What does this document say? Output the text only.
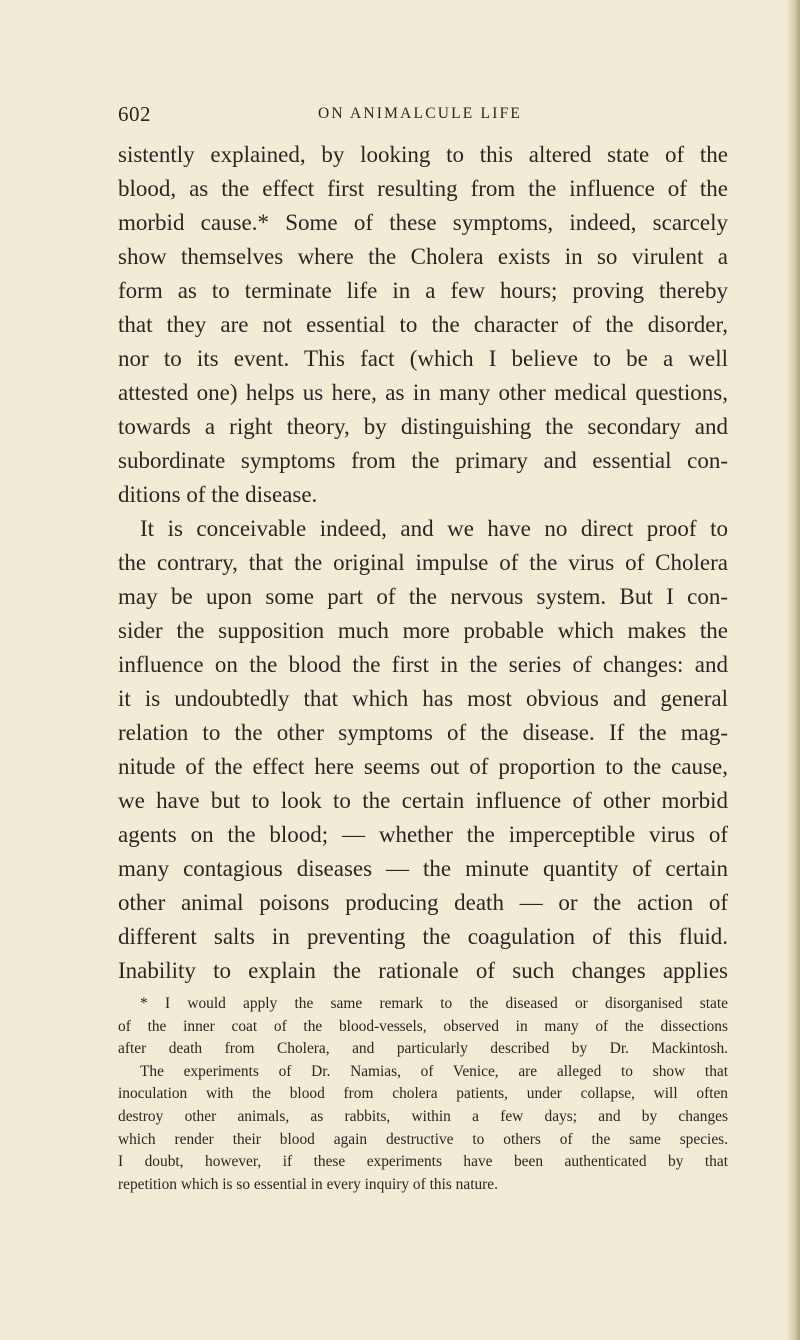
602	ON ANIMALCULE LIFE
sistently explained, by looking to this altered state of the
blood, as the effect first resulting from the influence of the
morbid cause.* Some of these symptoms, indeed, scarcely
show themselves where the Cholera exists in so virulent a
form as to terminate life in a few hours; proving thereby
that they are not essential to the character of the disorder,
nor to its event. This fact (which I believe to be a well
attested one) helps us here, as in many other medical questions,
towards a right theory, by distinguishing the secondary and
subordinate symptoms from the primary and essential con-
ditions of the disease.
It is conceivable indeed, and we have no direct proof to
the contrary, that the original impulse of the virus of Cholera
may be upon some part of the nervous system. But I con-
sider the supposition much more probable which makes the
influence on the blood the first in the series of changes: and
it is undoubtedly that which has most obvious and general
relation to the other symptoms of the disease. If the mag-
nitude of the effect here seems out of proportion to the cause,
we have but to look to the certain influence of other morbid
agents on the blood; — whether the imperceptible virus of
many contagious diseases — the minute quantity of certain
other animal poisons producing death — or the action of
different salts in preventing the coagulation of this fluid.
Inability to explain the rationale of such changes applies
* I would apply the same remark to the diseased or disorganised state
of the inner coat of the blood-vessels, observed in many of the dissections
after death from Cholera, and particularly described by Dr. Mackintosh.
The experiments of Dr. Namias, of Venice, are alleged to show that
inoculation with the blood from cholera patients, under collapse, will often
destroy other animals, as rabbits, within a few days; and by changes
which render their blood again destructive to others of the same species.
I doubt, however, if these experiments have been authenticated by that
repetition which is so essential in every inquiry of this nature.
